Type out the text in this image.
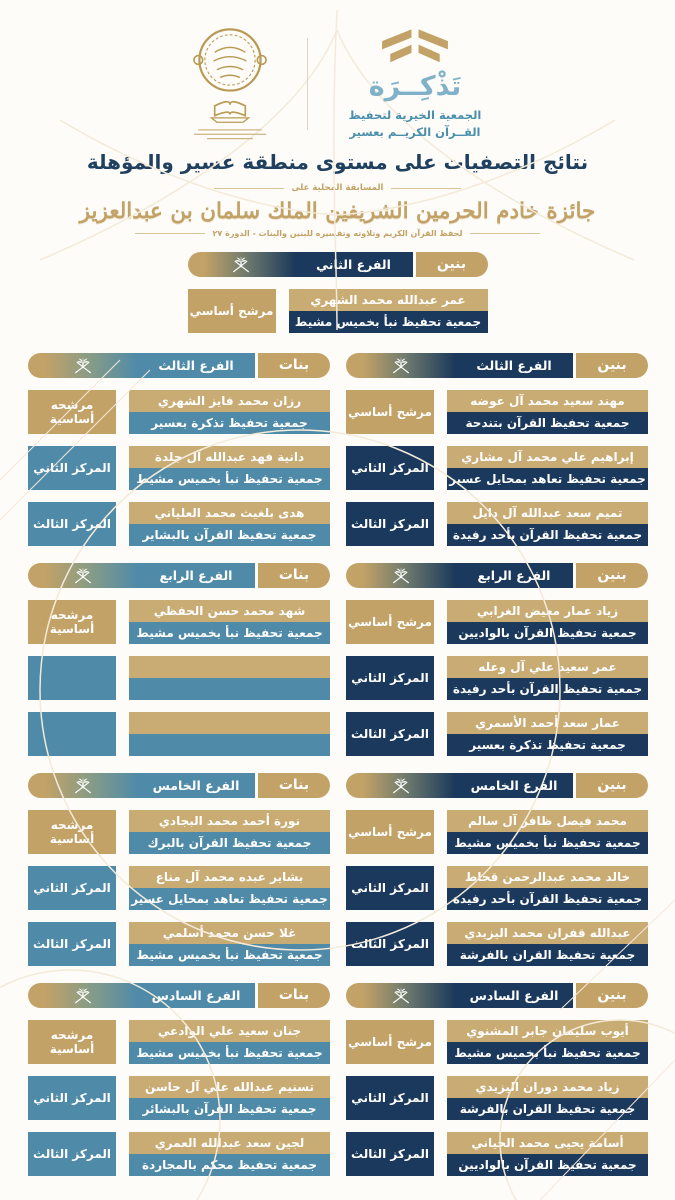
تَذْكِــرَة
الجمعية الخيرية لتحفيظ
القــرآن الكريــم بعسير
نتائج التصفيات على مستوى منطقة عسير والمؤهلة
المسابقة المحلية على
جائزة خادم الحرمين الشريفين الملك سلمان بن عبدالعزيز
لحفظ القرآن الكريم وتلاوته وتفسيره للبنين والبنات - الدورة ٢٧
بنين
الفرع الثاني
عمر عبدالله محمد الشهري
جمعية تحفيظ نبأ بخميس مشيط
مرشح أساسي
بنين
الفرع الثالث
مهند سعيد محمد آل عوضه
جمعية تحفيظ القرآن بتندحة
مرشح أساسي
إبراهيم علي محمد آل مشاري
جمعية تحفيظ تعاهد بمحايل عسير
المركز الثاني
تميم سعد عبدالله آل دايل
جمعية تحفيظ القرآن بأحد رفيدة
المركز الثالث
بنات
الفرع الثالث
رزان محمد فايز الشهري
جمعية تحفيظ تذكرة بعسير
مرشحه أساسية
دانية فهد عبدالله آل جلدة
جمعية تحفيظ نبأ بخميس مشيط
المركز الثاني
هدى بلغيث محمد العلياني
جمعية تحفيظ القرآن بالبشاير
المركز الثالث
بنين
الفرع الرابع
زياد عمار معيض الغرابي
جمعية تحفيظ القرآن بالواديين
مرشح أساسي
عمر سعيد علي آل وعله
جمعية تحفيظ القرآن بأحد رفيدة
المركز الثاني
عمار سعد أحمد الأسمري
جمعية تحفيظ تذكرة بعسير
المركز الثالث
بنات
الفرع الرابع
شهد محمد حسن الحفظي
جمعية تحفيظ نبأ بخميس مشيط
مرشحه أساسية
بنين
الفرع الخامس
محمد فيصل ظافر آل سالم
جمعية تحفيظ نبأ بخميس مشيط
مرشح أساسي
خالد محمد عبدالرحمن قحاط
جمعية تحفيظ القرآن بأحد رفيدة
المركز الثاني
عبدالله قفران محمد اليزيدي
جمعية تحفيظ القران بالفرشة
المركز الثالث
بنات
الفرع الخامس
نورة أحمد محمد البجادي
جمعية تحفيظ القرآن بالبرك
مرشحه أساسية
بشاير عبده محمد آل مناع
جمعية تحفيظ تعاهد بمحايل عسير
المركز الثاني
غلا حسن محمد أسلمي
جمعية تحفيظ نبأ بخميس مشيط
المركز الثالث
بنين
الفرع السادس
أيوب سليمان جابر المشنوي
جمعية تحفيظ نبأ بخميس مشيط
مرشح أساسي
زياد محمد دوران اليزيدي
جمعية تحفيظ القران بالفرشة
المركز الثاني
أسامة يحيى محمد الحياني
جمعية تحفيظ القرآن بالواديين
المركز الثالث
بنات
الفرع السادس
جنان سعيد علي الوادعي
جمعية تحفيظ نبأ بخميس مشيط
مرشحه أساسية
تسنيم عبدالله علي آل حاسن
جمعية تحفيظ القرآن بالبشائر
المركز الثاني
لجين سعد عبدالله العمري
جمعية تحفيظ محكم بالمجاردة
المركز الثالث
